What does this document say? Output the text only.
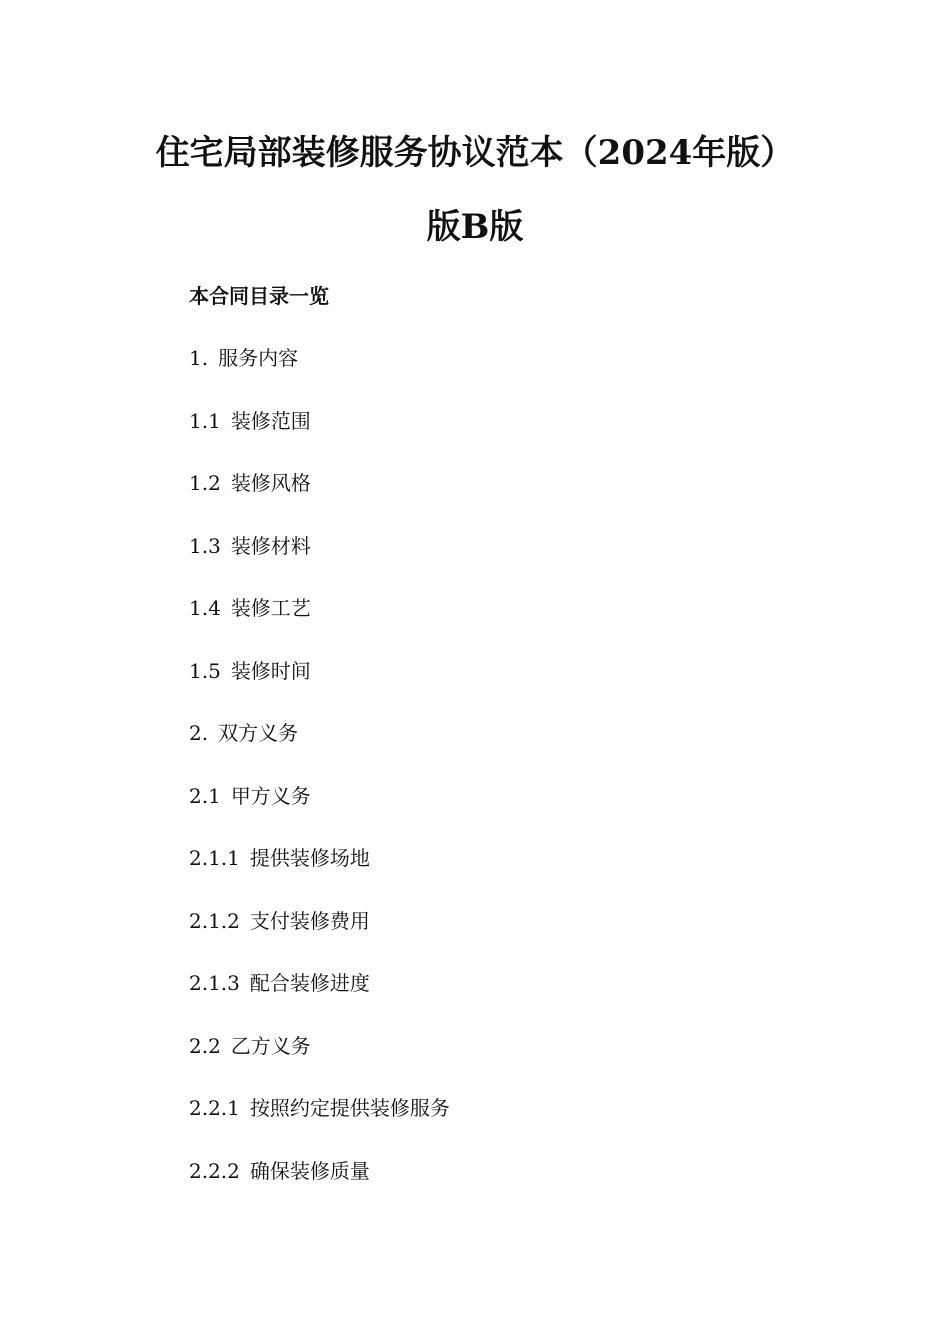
住宅局部装修服务协议范本（2024年版）
版B版

本合同目录一览

1. 服务内容
1.1 装修范围
1.2 装修风格
1.3 装修材料
1.4 装修工艺
1.5 装修时间
2. 双方义务
2.1 甲方义务
2.1.1 提供装修场地
2.1.2 支付装修费用
2.1.3 配合装修进度
2.2 乙方义务
2.2.1 按照约定提供装修服务
2.2.2 确保装修质量
